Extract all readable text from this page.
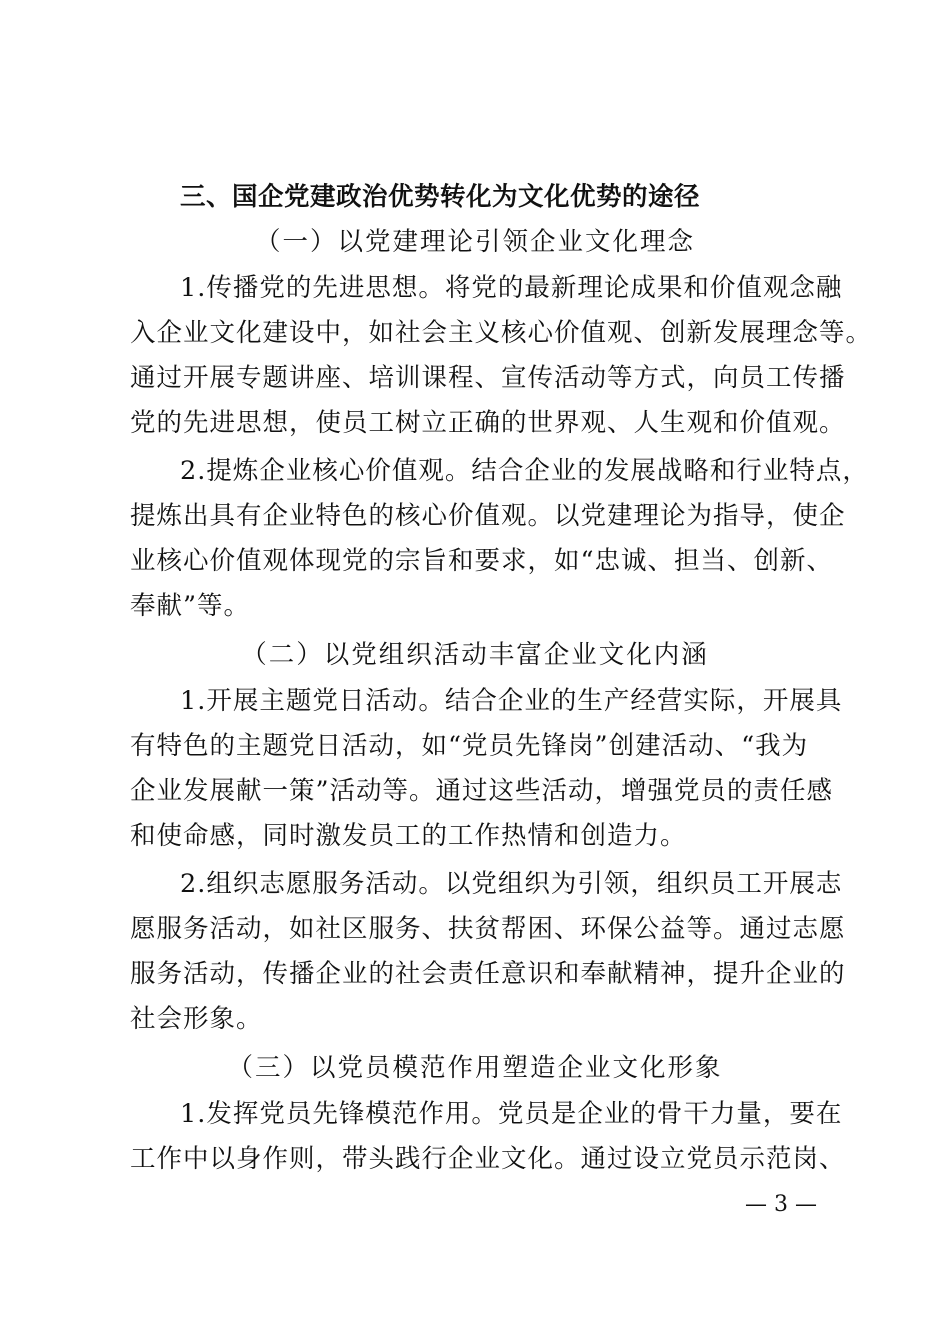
三、国企党建政治优势转化为文化优势的途径
（一）以党建理论引领企业文化理念
1.传播党的先进思想。将党的最新理论成果和价值观念融
入企业文化建设中，如社会主义核心价值观、创新发展理念等。
通过开展专题讲座、培训课程、宣传活动等方式，向员工传播
党的先进思想，使员工树立正确的世界观、人生观和价值观。
2.提炼企业核心价值观。结合企业的发展战略和行业特点，
提炼出具有企业特色的核心价值观。以党建理论为指导，使企
业核心价值观体现党的宗旨和要求，如“忠诚、担当、创新、
奉献”等。
（二）以党组织活动丰富企业文化内涵
1.开展主题党日活动。结合企业的生产经营实际，开展具
有特色的主题党日活动，如“党员先锋岗”创建活动、“我为
企业发展献一策”活动等。通过这些活动，增强党员的责任感
和使命感，同时激发员工的工作热情和创造力。
2.组织志愿服务活动。以党组织为引领，组织员工开展志
愿服务活动，如社区服务、扶贫帮困、环保公益等。通过志愿
服务活动，传播企业的社会责任意识和奉献精神，提升企业的
社会形象。
（三）以党员模范作用塑造企业文化形象
1.发挥党员先锋模范作用。党员是企业的骨干力量，要在
工作中以身作则，带头践行企业文化。通过设立党员示范岗、
— 3 —
